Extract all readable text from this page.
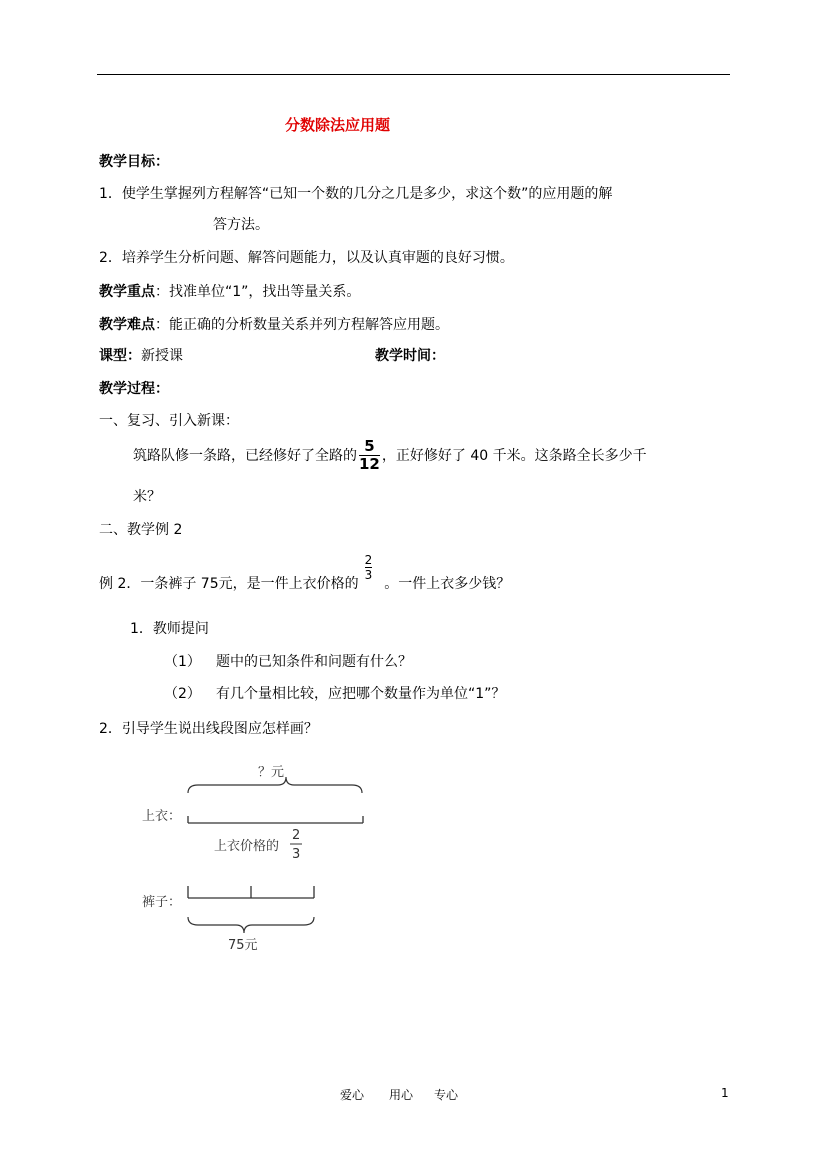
分数除法应用题
教学目标：
1．使学生掌握列方程解答“已知一个数的几分之几是多少，求这个数”的应用题的解
答方法。
2．培养学生分析问题、解答问题能力，以及认真审题的良好习惯。
教学重点：找准单位“1”，找出等量关系。
教学难点：能正确的分析数量关系并列方程解答应用题。
课型：新授课	教学时间：
教学过程：
一、复习、引入新课：
筑路队修一条路，已经修好了全路的 $\frac{5}{12}$ ，正好修好了 40 千米。这条路全长多少千
米？
二、教学例 2
例 2．一条裤子 75元，是一件上衣价格的
$\frac{2}{3}$
。一件上衣多少钱？
1．教师提问
（1） 题中的已知条件和问题有什么？
（2） 有几个量相比较，应把哪个数量作为单位“1”？
2．引导学生说出线段图应怎样画？
？元
上衣：
上衣价格的
2
3
裤子：
75元
爱心 用心 专心	1
